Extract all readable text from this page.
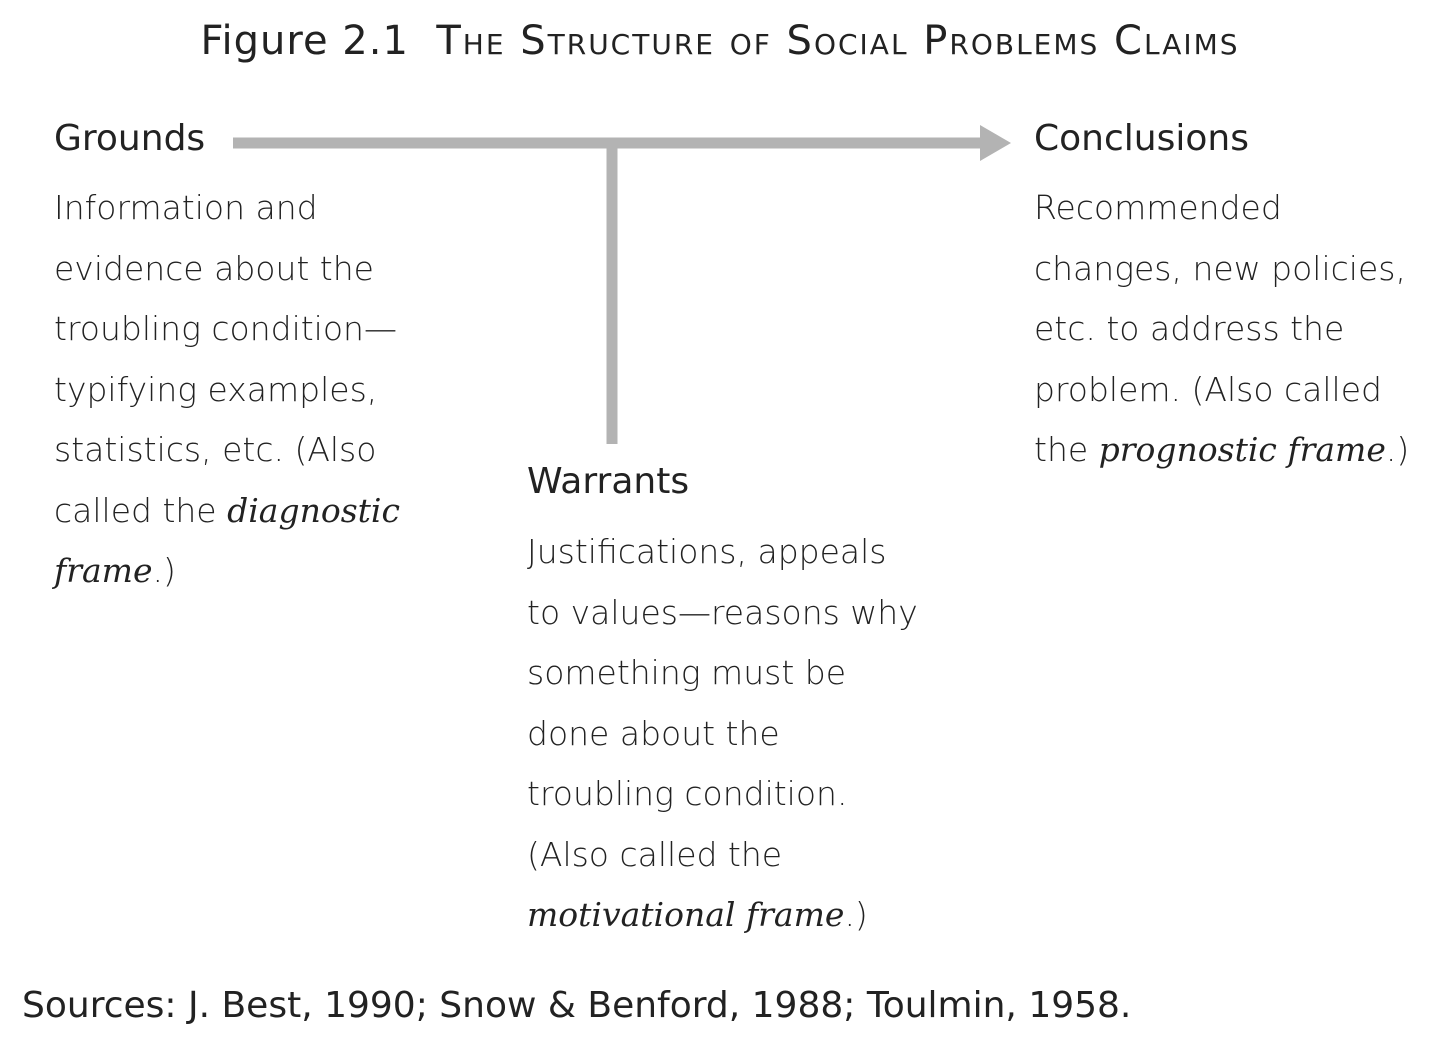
Figure 2.1 The Structure of Social Problems Claims
Grounds
Information and
evidence about the
troubling condition—
typifying examples,
statistics, etc. (Also
called the diagnostic
frame.)
Warrants
Justifications, appeals
to values—reasons why
something must be
done about the
troubling condition.
(Also called the
motivational frame.)
Conclusions
Recommended
changes, new policies,
etc. to address the
problem. (Also called
the prognostic frame.)
Sources: J. Best, 1990; Snow & Benford, 1988; Toulmin, 1958.
